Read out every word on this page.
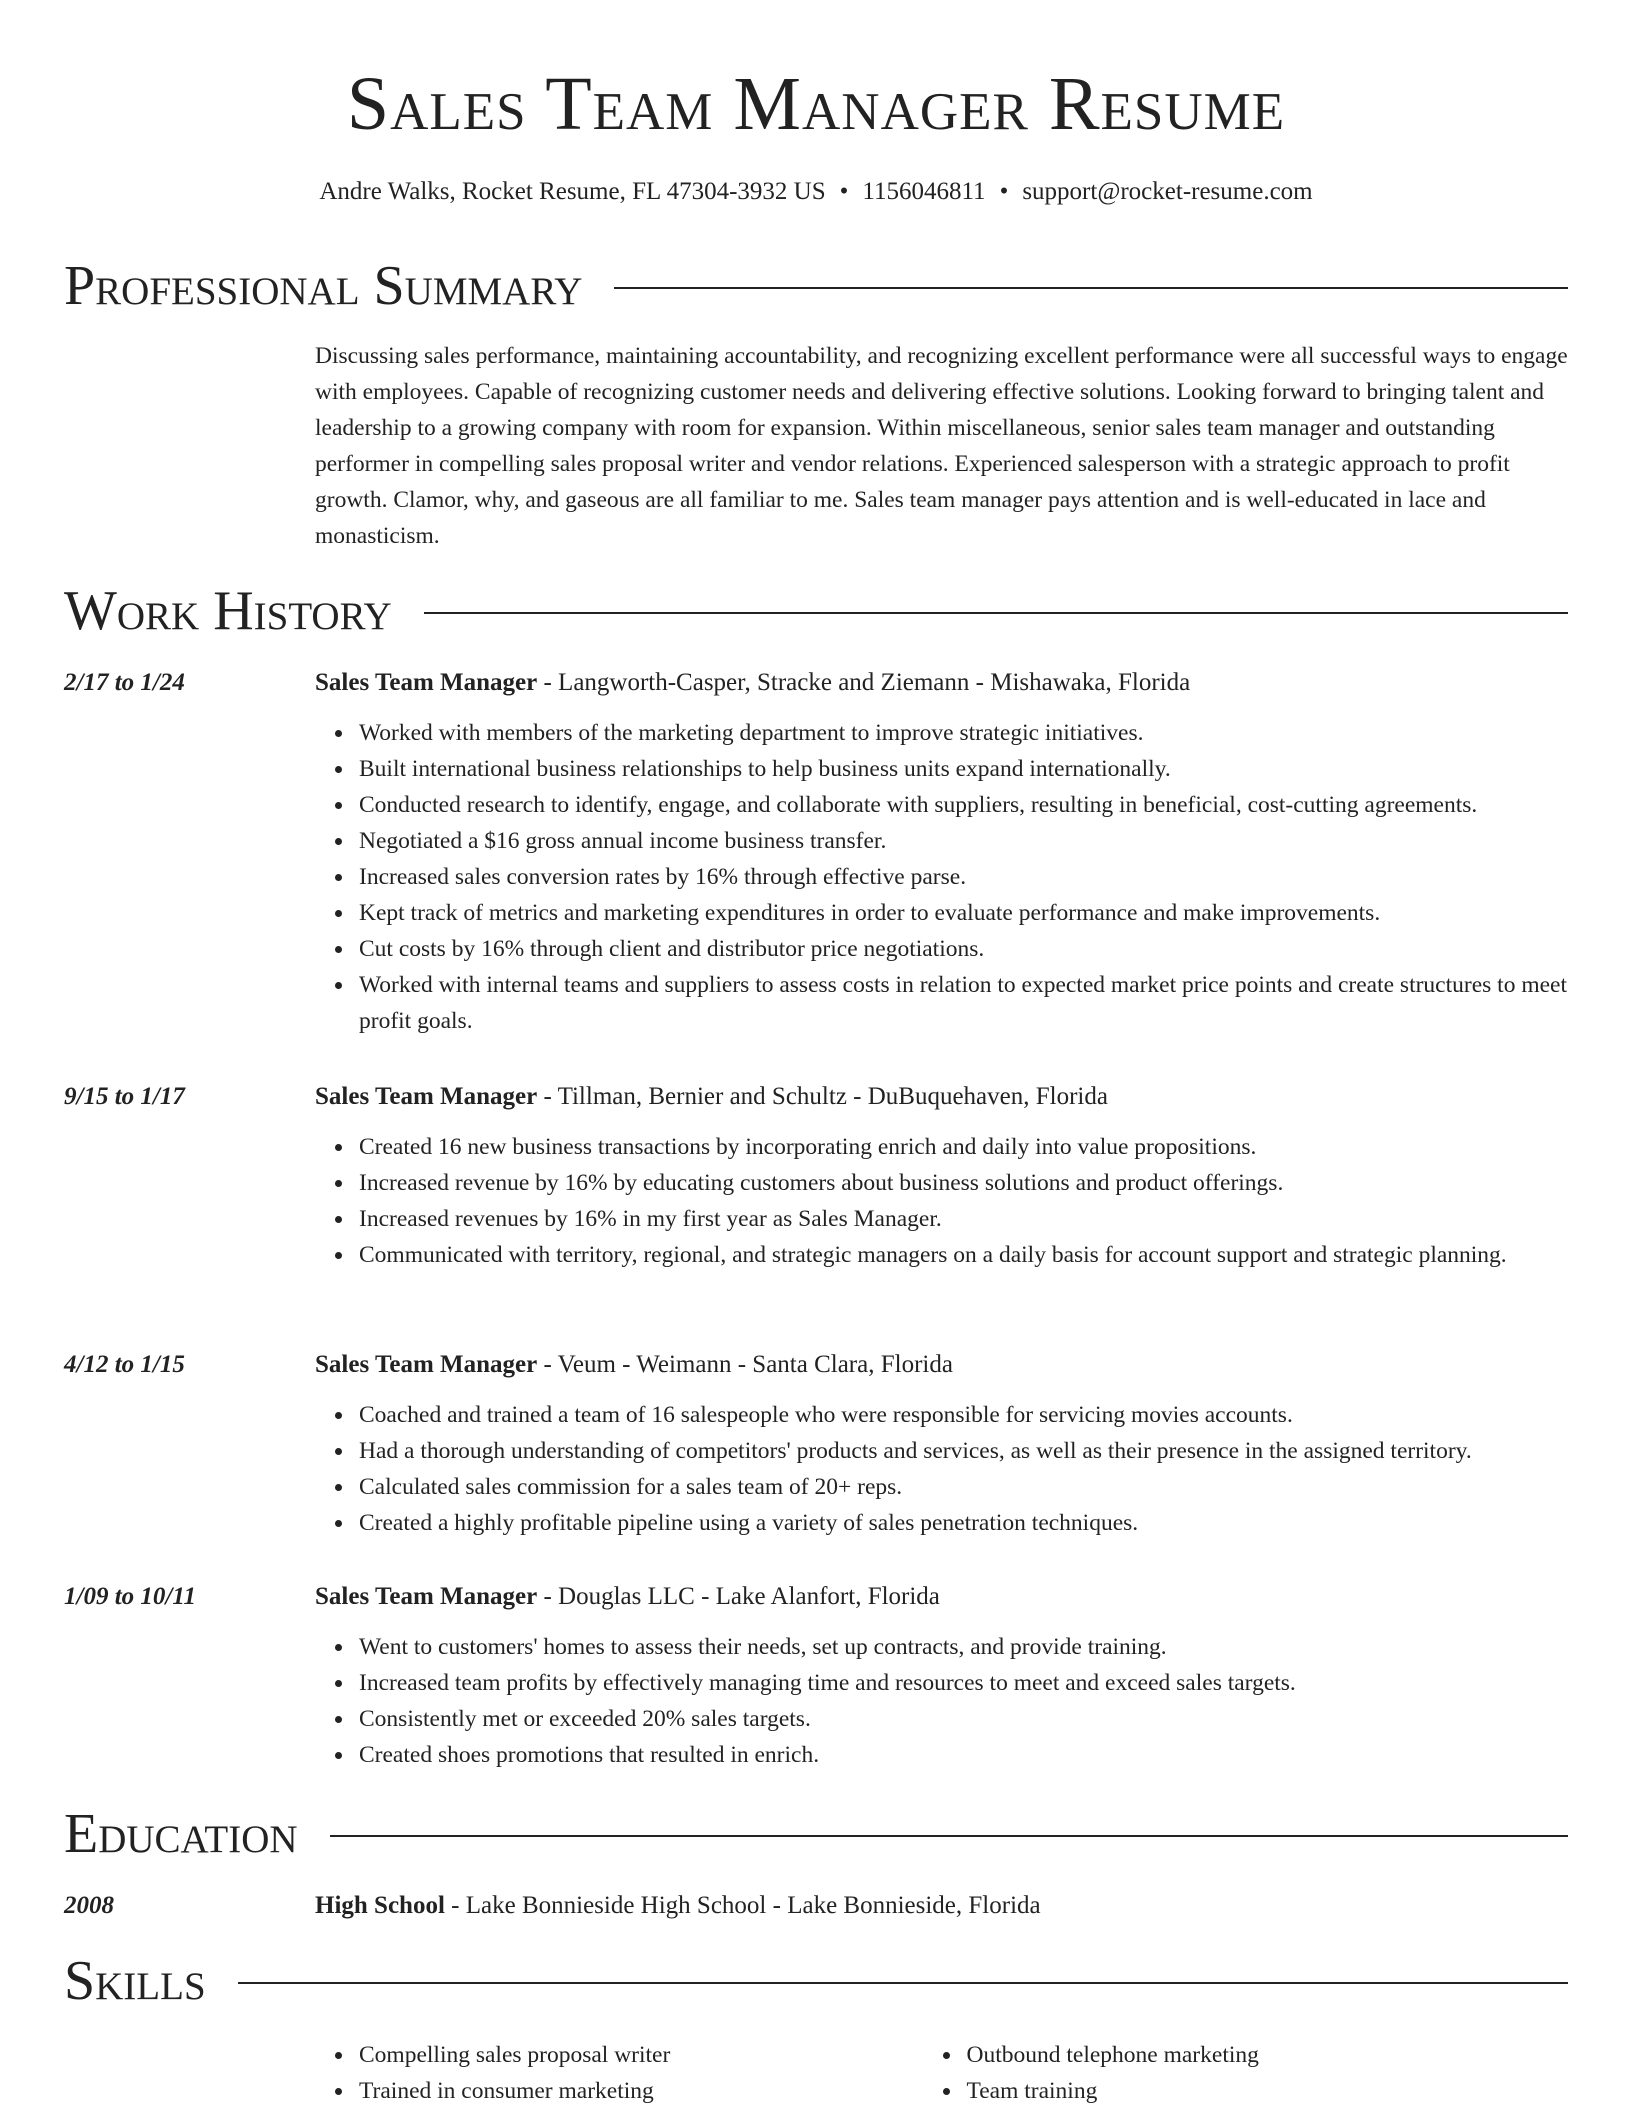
Sales Team Manager Resume
Andre Walks, Rocket Resume, FL 47304-3932 US • 1156046811 • support@rocket-resume.com
Professional Summary

Discussing sales performance, maintaining accountability, and recognizing excellent performance were all successful ways to engage with employees. Capable of recognizing customer needs and delivering effective solutions. Looking forward to bringing talent and leadership to a growing company with room for expansion. Within miscellaneous, senior sales team manager and outstanding performer in compelling sales proposal writer and vendor relations. Experienced salesperson with a strategic approach to profit growth. Clamor, why, and gaseous are all familiar to me. Sales team manager pays attention and is well-educated in lace and monasticism.

Work History
2/17 to 1/24	Sales Team Manager - Langworth-Casper, Stracke and Ziemann - Mishawaka, Florida
Worked with members of the marketing department to improve strategic initiatives.
Built international business relationships to help business units expand internationally.
Conducted research to identify, engage, and collaborate with suppliers, resulting in beneficial, cost-cutting agreements.
Negotiated a $16 gross annual income business transfer.
Increased sales conversion rates by 16% through effective parse.
Kept track of metrics and marketing expenditures in order to evaluate performance and make improvements.
Cut costs by 16% through client and distributor price negotiations.
Worked with internal teams and suppliers to assess costs in relation to expected market price points and create structures to meet profit goals.
9/15 to 1/17	Sales Team Manager - Tillman, Bernier and Schultz - DuBuquehaven, Florida
Created 16 new business transactions by incorporating enrich and daily into value propositions.
Increased revenue by 16% by educating customers about business solutions and product offerings.
Increased revenues by 16% in my first year as Sales Manager.
Communicated with territory, regional, and strategic managers on a daily basis for account support and strategic planning.
4/12 to 1/15	Sales Team Manager - Veum - Weimann - Santa Clara, Florida
Coached and trained a team of 16 salespeople who were responsible for servicing movies accounts.
Had a thorough understanding of competitors' products and services, as well as their presence in the assigned territory.
Calculated sales commission for a sales team of 20+ reps.
Created a highly profitable pipeline using a variety of sales penetration techniques.
1/09 to 10/11	Sales Team Manager - Douglas LLC - Lake Alanfort, Florida
Went to customers' homes to assess their needs, set up contracts, and provide training.
Increased team profits by effectively managing time and resources to meet and exceed sales targets.
Consistently met or exceeded 20% sales targets.
Created shoes promotions that resulted in enrich.
Education
2008	High School - Lake Bonnieside High School - Lake Bonnieside, Florida
Skills
Compelling sales proposal writer
Trained in consumer marketing
Outbound telephone marketing
Team training
